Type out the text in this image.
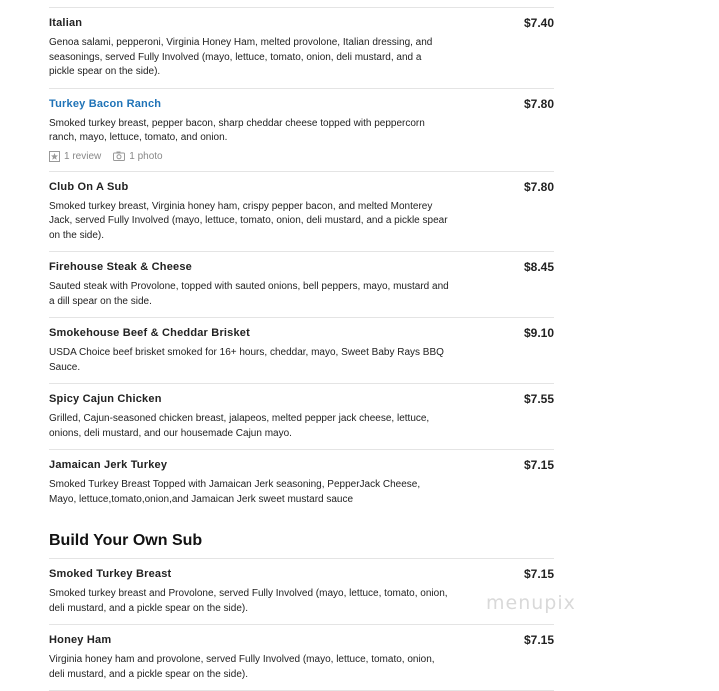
Italian	$7.40
Genoa salami, pepperoni, Virginia Honey Ham, melted provolone, Italian dressing, and seasonings, served Fully Involved (mayo, lettuce, tomato, onion, deli mustard, and a pickle spear on the side).
Turkey Bacon Ranch	$7.80
Smoked turkey breast, pepper bacon, sharp cheddar cheese topped with peppercorn ranch, mayo, lettuce, tomato, and onion.
1 review	1 photo
Club On A Sub	$7.80
Smoked turkey breast, Virginia honey ham, crispy pepper bacon, and melted Monterey Jack, served Fully Involved (mayo, lettuce, tomato, onion, deli mustard, and a pickle spear on the side).
Firehouse Steak & Cheese	$8.45
Sauted steak with Provolone, topped with sauted onions, bell peppers, mayo, mustard and a dill spear on the side.
Smokehouse Beef & Cheddar Brisket	$9.10
USDA Choice beef brisket smoked for 16+ hours, cheddar, mayo, Sweet Baby Rays BBQ Sauce.
Spicy Cajun Chicken	$7.55
Grilled, Cajun-seasoned chicken breast, jalapeos, melted pepper jack cheese, lettuce, onions, deli mustard, and our housemade Cajun mayo.
Jamaican Jerk Turkey	$7.15
Smoked Turkey Breast Topped with Jamaican Jerk seasoning, PepperJack Cheese, Mayo, lettuce,tomato,onion,and Jamaican Jerk sweet mustard sauce
Build Your Own Sub
Smoked Turkey Breast	$7.15
Smoked turkey breast and Provolone, served Fully Involved (mayo, lettuce, tomato, onion, deli mustard, and a pickle spear on the side).
Honey Ham	$7.15
Virginia honey ham and provolone, served Fully Involved (mayo, lettuce, tomato, onion, deli mustard, and a pickle spear on the side).
menupix
